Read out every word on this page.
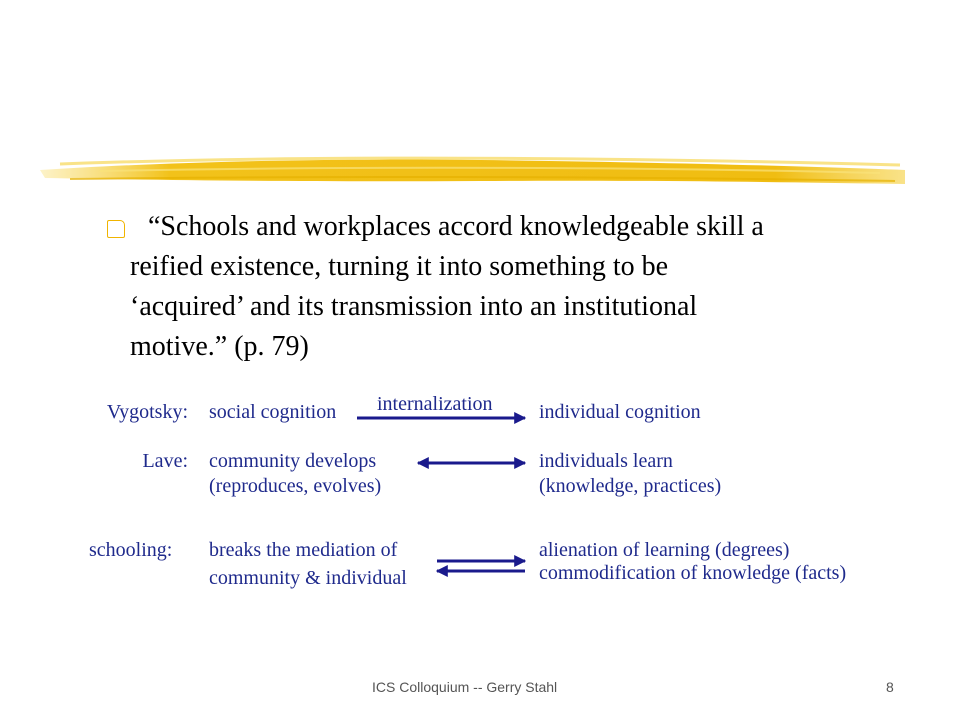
“Schools and workplaces accord knowledgeable skill a
reified existence, turning it into something to be
‘acquired’ and its transmission into an institutional
motive.” (p. 79)
Vygotsky: social cognition internalization individual cognition
Lave: community develops
(reproduces, evolves)
individuals learn
(knowledge, practices)
schooling: breaks the mediation of
community & individual
alienation of learning (degrees)
commodification of knowledge (facts)
ICS Colloquium -- Gerry Stahl	8
